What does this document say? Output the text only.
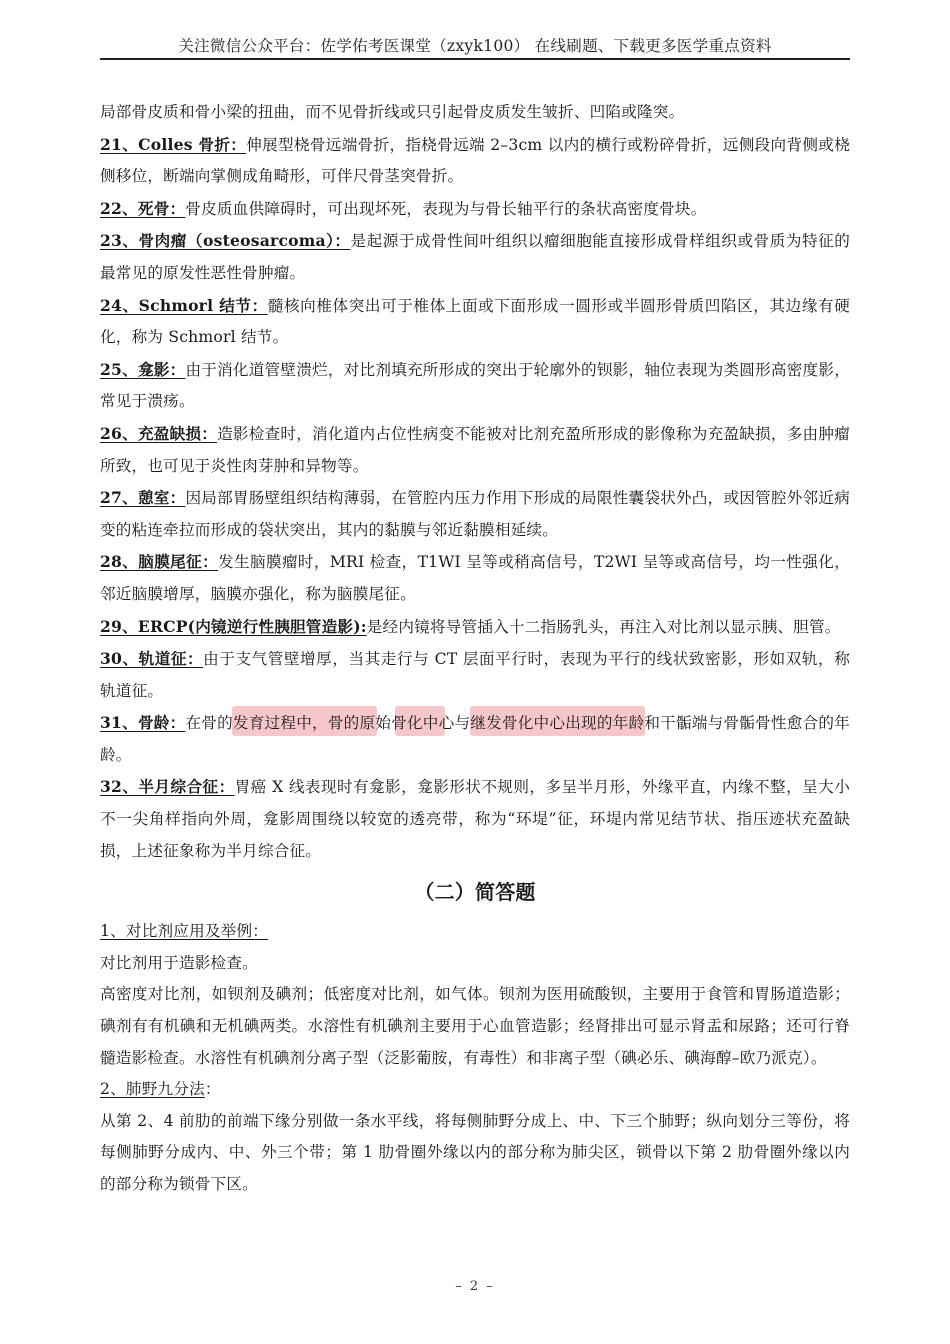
关注微信公众平台：佐学佑考医课堂（zxyk100） 在线刷题、下载更多医学重点资料

局部骨皮质和骨小梁的扭曲，而不见骨折线或只引起骨皮质发生皱折、凹陷或隆突。

21、Colles 骨折：伸展型桡骨远端骨折，指桡骨远端 2–3cm 以内的横行或粉碎骨折，远侧段向背侧或桡侧移位，断端向掌侧成角畸形，可伴尺骨茎突骨折。

22、死骨：骨皮质血供障碍时，可出现坏死，表现为与骨长轴平行的条状高密度骨块。

23、骨肉瘤（osteosarcoma）：是起源于成骨性间叶组织以瘤细胞能直接形成骨样组织或骨质为特征的最常见的原发性恶性骨肿瘤。

24、Schmorl 结节：髓核向椎体突出可于椎体上面或下面形成一圆形或半圆形骨质凹陷区，其边缘有硬化，称为 Schmorl 结节。

25、龛影：由于消化道管壁溃烂，对比剂填充所形成的突出于轮廓外的钡影，轴位表现为类圆形高密度影，常见于溃疡。

26、充盈缺损：造影检查时，消化道内占位性病变不能被对比剂充盈所形成的影像称为充盈缺损，多由肿瘤所致，也可见于炎性肉芽肿和异物等。

27、憩室：因局部胃肠壁组织结构薄弱，在管腔内压力作用下形成的局限性囊袋状外凸，或因管腔外邻近病变的粘连牵拉而形成的袋状突出，其内的黏膜与邻近黏膜相延续。

28、脑膜尾征：发生脑膜瘤时，MRI 检查，T1WI 呈等或稍高信号，T2WI 呈等或高信号，均一性强化，邻近脑膜增厚，脑膜亦强化，称为脑膜尾征。

29、ERCP(内镜逆行性胰胆管造影):是经内镜将导管插入十二指肠乳头，再注入对比剂以显示胰、胆管。

30、轨道征：由于支气管壁增厚，当其走行与 CT 层面平行时，表现为平行的线状致密影，形如双轨，称轨道征。

31、骨龄：在骨的发育过程中，骨的原始骨化中心与继发骨化中心出现的年龄和干骺端与骨骺骨性愈合的年龄。

32、半月综合征：胃癌 X 线表现时有龛影，龛影形状不规则，多呈半月形，外缘平直，内缘不整，呈大小不一尖角样指向外周，龛影周围绕以较宽的透亮带，称为“环堤”征，环堤内常见结节状、指压迹状充盈缺损，上述征象称为半月综合征。

（二）简答题

1、对比剂应用及举例：

对比剂用于造影检查。

高密度对比剂，如钡剂及碘剂；低密度对比剂，如气体。钡剂为医用硫酸钡，主要用于食管和胃肠道造影；碘剂有有机碘和无机碘两类。水溶性有机碘剂主要用于心血管造影；经肾排出可显示肾盂和尿路；还可行脊髓造影检查。水溶性有机碘剂分离子型（泛影葡胺，有毒性）和非离子型（碘必乐、碘海醇–欧乃派克）。

2、肺野九分法：

从第 2、4 前肋的前端下缘分别做一条水平线，将每侧肺野分成上、中、下三个肺野；纵向划分三等份，将每侧肺野分成内、中、外三个带；第 1 肋骨圈外缘以内的部分称为肺尖区，锁骨以下第 2 肋骨圈外缘以内的部分称为锁骨下区。

– 2 –
